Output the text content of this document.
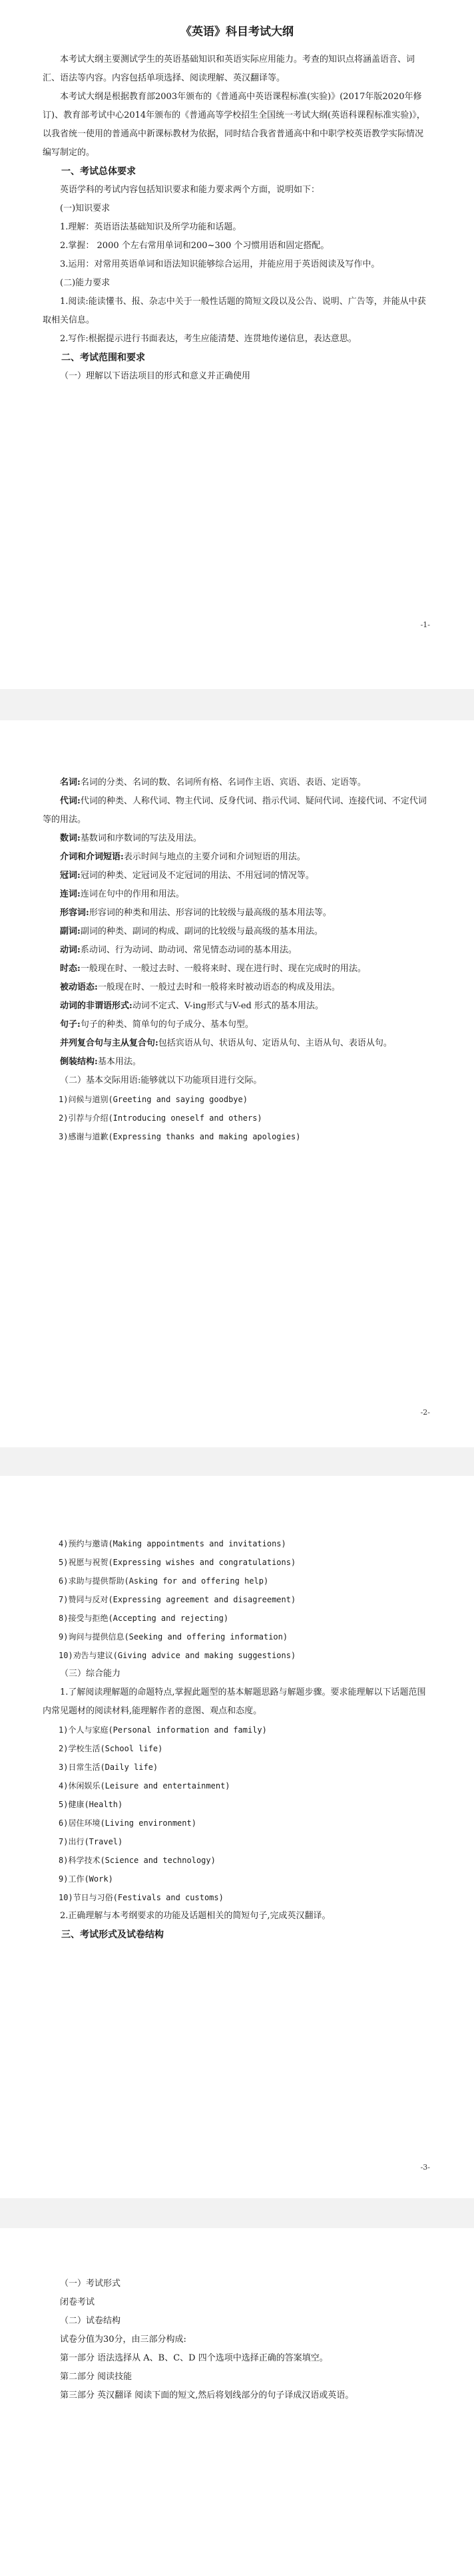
《英语》科目考试大纲

本考试大纲主要测试学生的英语基础知识和英语实际应用能力。考查的知识点将涵盖语音、词汇、语法等内容。内容包括单项选择、阅读理解、英汉翻译等。

本考试大纲是根据教育部2003年颁布的《普通高中英语课程标准(实验)》(2017年版2020年修订)、教育部考试中心2014年颁布的《普通高等学校招生全国统一考试大纲(英语科课程标准实验)》，以我省统一使用的普通高中新课标教材为依据，同时结合我省普通高中和中职学校英语教学实际情况编写制定的。

一、考试总体要求

英语学科的考试内容包括知识要求和能力要求两个方面，说明如下：

(一)知识要求

1.理解：英语语法基础知识及所学功能和话题。

2.掌握： 2000 个左右常用单词和200~300 个习惯用语和固定搭配。

3.运用：对常用英语单词和语法知识能够综合运用，并能应用于英语阅读及写作中。

(二)能力要求

1.阅读:能读懂书、报、杂志中关于一般性话题的简短文段以及公告、说明、广告等，并能从中获取相关信息。

2.写作:根据提示进行书面表达，考生应能清楚、连贯地传递信息，表达意思。

二、考试范围和要求

（一）理解以下语法项目的形式和意义并正确使用

-1-

名词:名词的分类、名词的数、名词所有格、名词作主语、宾语、表语、定语等。

代词:代词的种类、人称代词、物主代词、反身代词、指示代词、疑问代词、连接代词、不定代词等的用法。

数词:基数词和序数词的写法及用法。

介词和介词短语:表示时间与地点的主要介词和介词短语的用法。

冠词:冠词的种类、定冠词及不定冠词的用法、不用冠词的情况等。

连词:连词在句中的作用和用法。

形容词:形容词的种类和用法、形容词的比较级与最高级的基本用法等。

副词:副词的种类、副词的构成、副词的比较级与最高级的基本用法。

动词:系动词、行为动词、助动词、常见情态动词的基本用法。

时态:一般现在时、一般过去时、一般将来时、现在进行时、现在完成时的用法。

被动语态:一般现在时、一般过去时和一般将来时被动语态的构成及用法。

动词的非谓语形式:动词不定式、V-ing形式与V-ed 形式的基本用法。

句子:句子的种类、简单句的句子成分、基本句型。

并列复合句与主从复合句:包括宾语从句、状语从句、定语从句、主语从句、表语从句。

倒装结构:基本用法。

（二）基本交际用语:能够就以下功能项目进行交际。

1)问候与道别(Greeting and saying goodbye)

2)引荐与介绍(Introducing oneself and others)

3)感谢与道歉(Expressing thanks and making apologies)

-2-

4)预约与邀请(Making appointments and invitations)

5)祝愿与祝贺(Expressing wishes and congratulations)

6)求助与提供帮助(Asking for and offering help)

7)赞同与反对(Expressing agreement and disagreement)

8)接受与拒绝(Accepting and rejecting)

9)询问与提供信息(Seeking and offering information)

10)劝告与建议(Giving advice and making suggestions)

（三）综合能力

1.了解阅读理解题的命题特点,掌握此题型的基本解题思路与解题步骤。要求能理解以下话题范围内常见题材的阅读材料,能理解作者的意图、观点和态度。

1)个人与家庭(Personal information and family)

2)学校生活(School life)

3)日常生活(Daily life)

4)休闲娱乐(Leisure and entertainment)

5)健康(Health)

6)居住环境(Living environment)

7)出行(Travel)

8)科学技术(Science and technology)

9)工作(Work)

10)节日与习俗(Festivals and customs)

2.正确理解与本考纲要求的功能及话题相关的简短句子,完成英汉翻译。

三、考试形式及试卷结构

-3-

（一）考试形式

闭卷考试

（二）试卷结构

试卷分值为30分，由三部分构成:

第一部分 语法选择从 A、B、C、D 四个选项中选择正确的答案填空。

第二部分 阅读技能

第三部分 英汉翻译 阅读下面的短文,然后将划线部分的句子译成汉语或英语。
